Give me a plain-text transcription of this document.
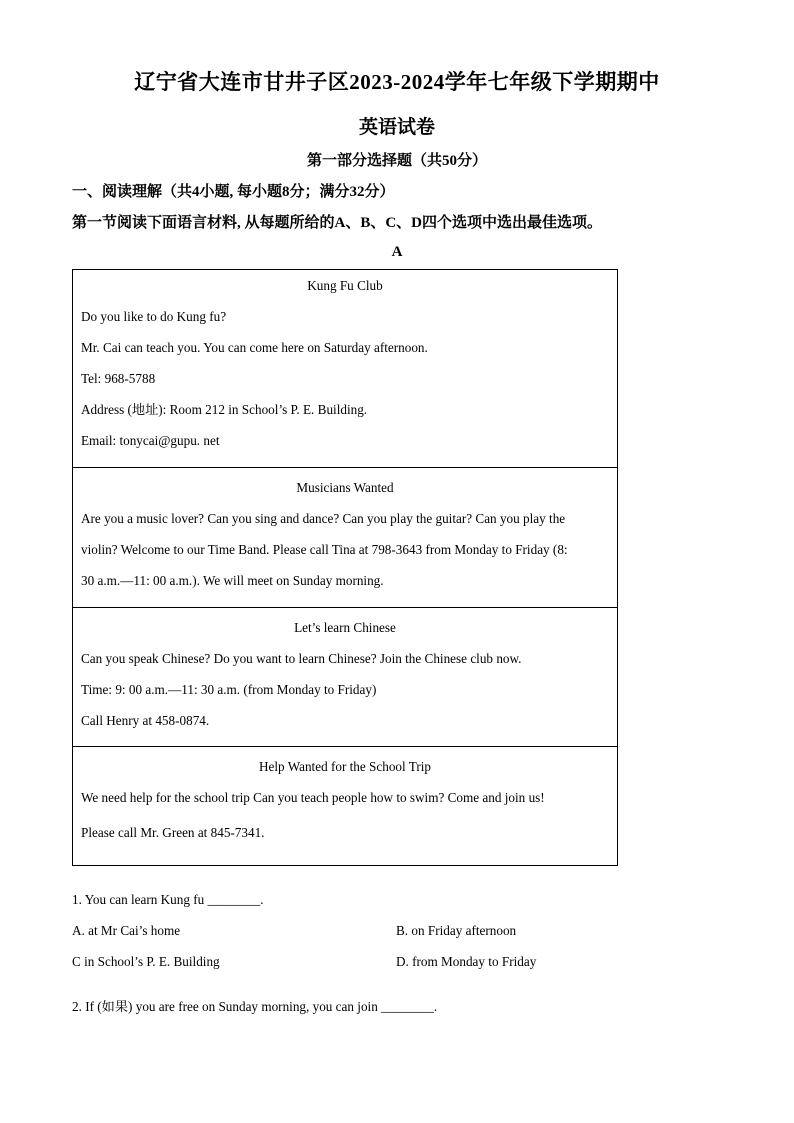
辽宁省大连市甘井子区2023-2024学年七年级下学期期中
英语试卷
第一部分选择题（共50分）
一、阅读理解（共4小题, 每小题8分；满分32分）
第一节阅读下面语言材料, 从每题所给的A、B、C、D四个选项中选出最佳选项。
A
Kung Fu Club
Do you like to do Kung fu?
Mr. Cai can teach you. You can come here on Saturday afternoon.
Tel: 968-5788
Address (地址): Room 212 in School’s P. E. Building.
Email: tonycai@gupu. net
Musicians Wanted
Are you a music lover? Can you sing and dance? Can you play the guitar? Can you play the
violin? Welcome to our Time Band. Please call Tina at 798-3643 from Monday to Friday (8:
30 a.m.—11: 00 a.m.). We will meet on Sunday morning.
Let’s learn Chinese
Can you speak Chinese? Do you want to learn Chinese? Join the Chinese club now.
Time: 9: 00 a.m.—11: 30 a.m. (from Monday to Friday)
Call Henry at 458-0874.
Help Wanted for the School Trip
We need help for the school trip Can you teach people how to swim? Come and join us!
Please call Mr. Green at 845-7341.
1. You can learn Kung fu ________.
A. at Mr Cai’s home	B. on Friday afternoon
C in School’s P. E. Building	D. from Monday to Friday
2. If (如果) you are free on Sunday morning, you can join ________.
